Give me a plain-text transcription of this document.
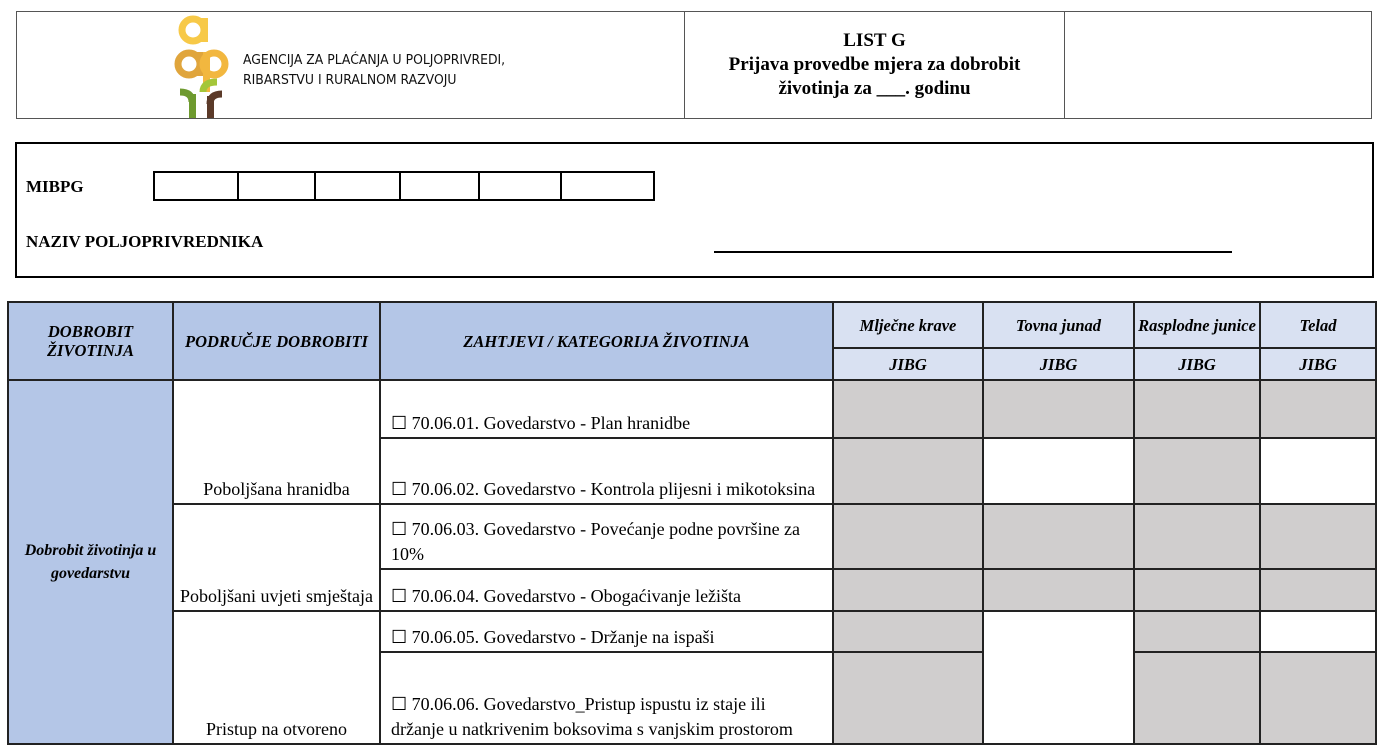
AGENCIJA ZA PLAĆANJA U POLJOPRIVREDI,
RIBARSTVU I RURALNOM RAZVOJU
LIST G
Prijava provedbe mjera za dobrobit
životinja za ___. godinu
MIBPG
NAZIV POLJOPRIVREDNIKA
DOBROBIT ŽIVOTINJA	PODRUČJE DOBROBITI	ZAHTJEVI / KATEGORIJA ŽIVOTINJA	Mlječne krave	Tovna junad	Rasplodne junice	Telad
			JIBG	JIBG	JIBG	JIBG
Dobrobit životinja u govedarstvu	Poboljšana hranidba	☐ 70.06.01. Govedarstvo - Plan hranidbe				
		☐ 70.06.02. Govedarstvo - Kontrola plijesni i mikotoksina				
	Poboljšani uvjeti smještaja	☐ 70.06.03. Govedarstvo - Povećanje podne površine za 10%				
		☐ 70.06.04. Govedarstvo - Obogaćivanje ležišta				
	Pristup na otvoreno	☐ 70.06.05. Govedarstvo - Držanje na ispaši				
		☐ 70.06.06. Govedarstvo_Pristup ispustu iz staje ili držanje u natkrivenim boksovima s vanjskim prostorom				
